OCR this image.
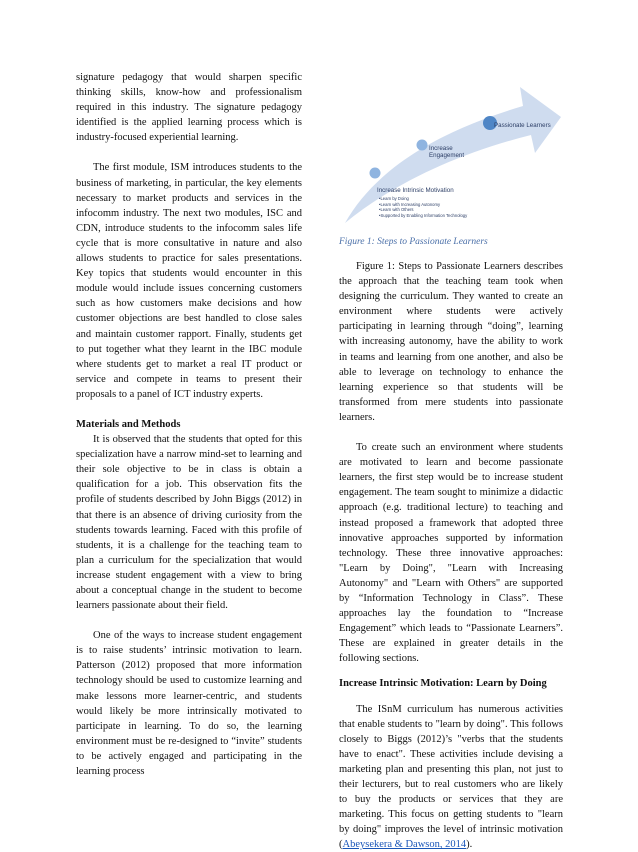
signature pedagogy that would sharpen specific thinking skills, know-how and professionalism required in this industry. The signature pedagogy identified is the applied learning process which is industry-focused experiential learning.

The first module, ISM introduces students to the business of marketing, in particular, the key elements necessary to market products and services in the infocomm industry. The next two modules, ISC and CDN, introduce students to the infocomm sales life cycle that is more consultative in nature and also allows students to practice for sales presentations. Key topics that students would encounter in this module would include issues concerning customers such as how customers make decisions and how customer objections are best handled to close sales and maintain customer rapport. Finally, students get to put together what they learnt in the IBC module where students get to market a real IT product or service and compete in teams to present their proposals to a panel of ICT industry experts.

Materials and Methods

It is observed that the students that opted for this specialization have a narrow mind-set to learning and their sole objective to be in class is obtain a qualification for a job. This observation fits the profile of students described by John Biggs (2012) in that there is an absence of driving curiosity from the students towards learning. Faced with this profile of students, it is a challenge for the teaching team to plan a curriculum for the specialization that would increase student engagement with a view to bring about a conceptual change in the student to become learners passionate about their field.

One of the ways to increase student engagement is to raise students’ intrinsic motivation to learn. Patterson (2012) proposed that more information technology should be used to customize learning and make lessons more learner-centric, and students would likely be more intrinsically motivated to participate in learning. To do so, the learning environment must be re-designed to “invite” students to be actively engaged and participating in the learning process

Passionate Learners
Increase Engagement
Increase Intrinsic Motivation
• Learn by Doing
• Learn with Increasing Autonomy
• Learn with Others
• Supported by Enabling Information Technology
Figure 1: Steps to Passionate Learners

Figure 1: Steps to Passionate Learners describes the approach that the teaching team took when designing the curriculum. They wanted to create an environment where students were actively participating in learning through “doing”, learning with increasing autonomy, have the ability to work in teams and learning from one another, and also be able to leverage on technology to enhance the learning experience so that students will be transformed from mere students into passionate learners.

To create such an environment where students are motivated to learn and become passionate learners, the first step would be to increase student engagement. The team sought to minimize a didactic approach (e.g. traditional lecture) to teaching and instead proposed a framework that adopted three innovative approaches supported by information technology. These three innovative approaches: "Learn by Doing", "Learn with Increasing Autonomy" and "Learn with Others" are supported by “Information Technology in Class”. These approaches lay the foundation to “Increase Engagement” which leads to “Passionate Learners”. These are explained in greater details in the following sections.

Increase Intrinsic Motivation: Learn by Doing

The ISnM curriculum has numerous activities that enable students to "learn by doing". This follows closely to Biggs (2012)’s "verbs that the students have to enact". These activities include devising a marketing plan and presenting this plan, not just to their lecturers, but to real customers who are likely to buy the products or services that they are marketing. This focus on getting students to "learn by doing" improves the level of intrinsic motivation (Abeysekera & Dawson, 2014).
